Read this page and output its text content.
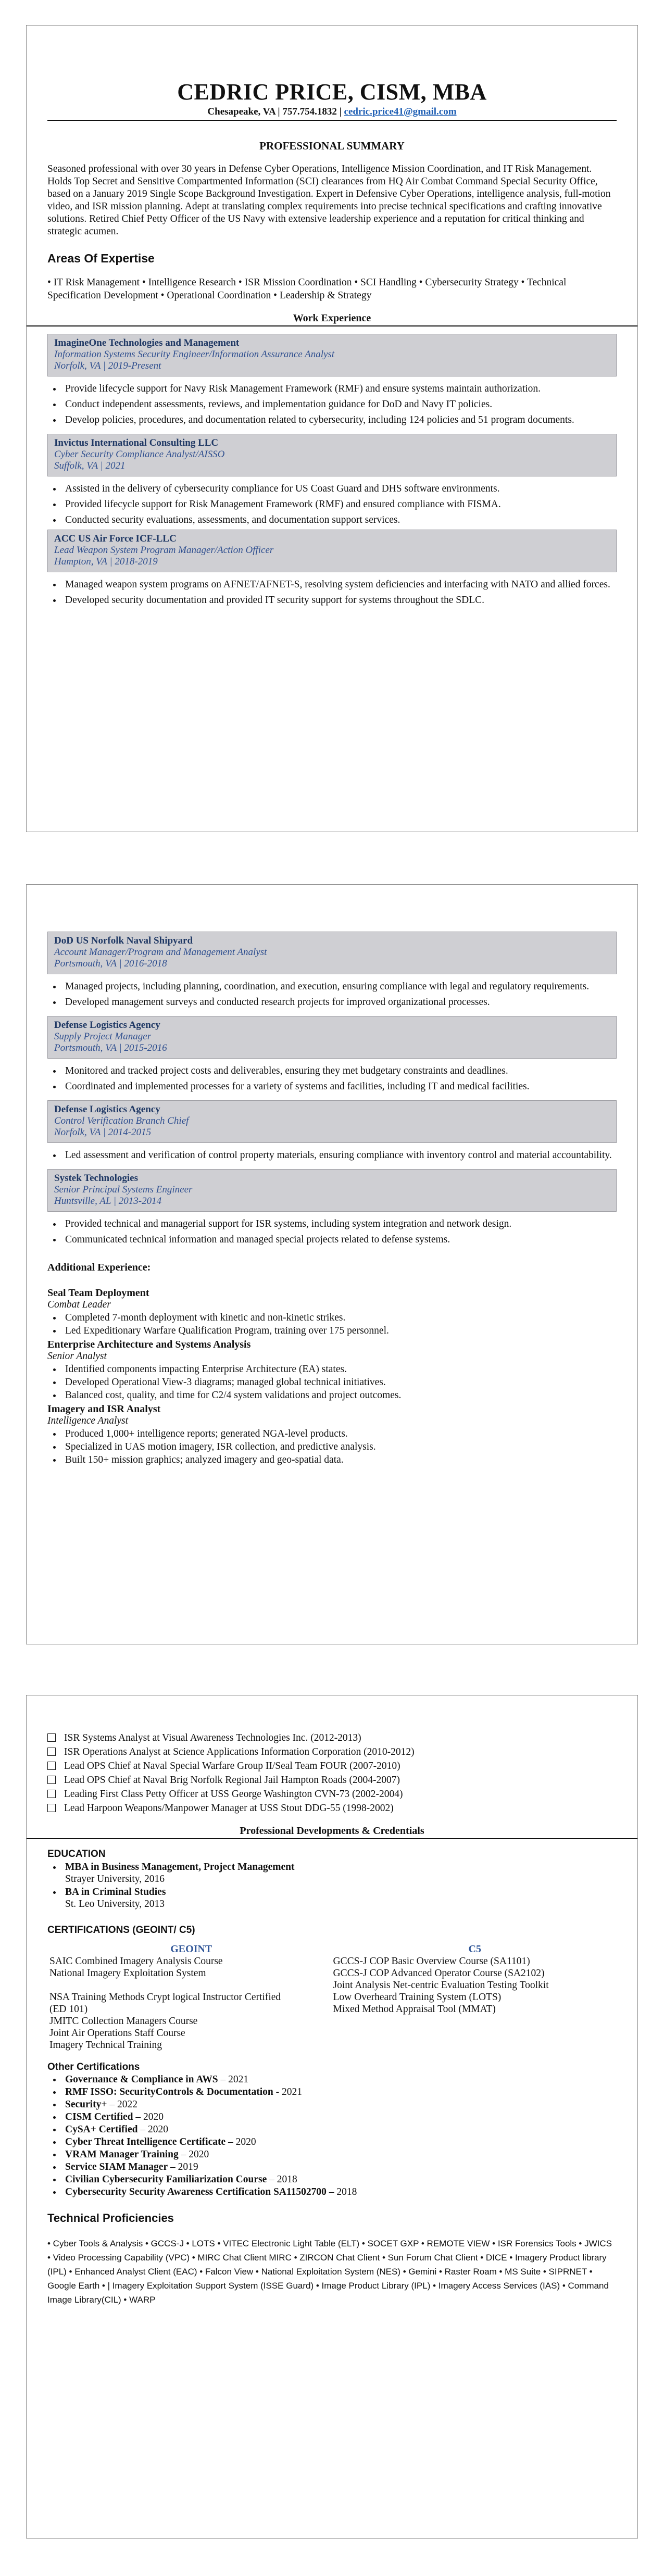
CEDRIC PRICE, CISM, MBA
Chesapeake, VA | 757.754.1832 | cedric.price41@gmail.com
PROFESSIONAL SUMMARY
Seasoned professional with over 30 years in Defense Cyber Operations, Intelligence Mission Coordination, and IT Risk Management. Holds Top Secret and Sensitive Compartmented Information (SCI) clearances from HQ Air Combat Command Special Security Office, based on a January 2019 Single Scope Background Investigation. Expert in Defensive Cyber Operations, intelligence analysis, full-motion video, and ISR mission planning. Adept at translating complex requirements into precise technical specifications and crafting innovative solutions. Retired Chief Petty Officer of the US Navy with extensive leadership experience and a reputation for critical thinking and strategic acumen.
Areas Of Expertise
• IT Risk Management • Intelligence Research • ISR Mission Coordination • SCI Handling • Cybersecurity Strategy • Technical Specification Development • Operational Coordination • Leadership & Strategy
Work Experience
ImagineOne Technologies and Management
Information Systems Security Engineer/Information Assurance Analyst
Norfolk, VA | 2019-Present
• Provide lifecycle support for Navy Risk Management Framework (RMF) and ensure systems maintain authorization.
• Conduct independent assessments, reviews, and implementation guidance for DoD and Navy IT policies.
• Develop policies, procedures, and documentation related to cybersecurity, including 124 policies and 51 program documents.
Invictus International Consulting LLC
Cyber Security Compliance Analyst/AISSO
Suffolk, VA | 2021
• Assisted in the delivery of cybersecurity compliance for US Coast Guard and DHS software environments.
• Provided lifecycle support for Risk Management Framework (RMF) and ensured compliance with FISMA.
• Conducted security evaluations, assessments, and documentation support services.
ACC US Air Force ICF-LLC
Lead Weapon System Program Manager/Action Officer
Hampton, VA | 2018-2019
• Managed weapon system programs on AFNET/AFNET-S, resolving system deficiencies and interfacing with NATO and allied forces.
• Developed security documentation and provided IT security support for systems throughout the SDLC.
DoD US Norfolk Naval Shipyard
Account Manager/Program and Management Analyst
Portsmouth, VA | 2016-2018
• Managed projects, including planning, coordination, and execution, ensuring compliance with legal and regulatory requirements.
• Developed management surveys and conducted research projects for improved organizational processes.
Defense Logistics Agency
Supply Project Manager
Portsmouth, VA | 2015-2016
• Monitored and tracked project costs and deliverables, ensuring they met budgetary constraints and deadlines.
• Coordinated and implemented processes for a variety of systems and facilities, including IT and medical facilities.
Defense Logistics Agency
Control Verification Branch Chief
Norfolk, VA | 2014-2015
• Led assessment and verification of control property materials, ensuring compliance with inventory control and material accountability.
Systek Technologies
Senior Principal Systems Engineer
Huntsville, AL | 2013-2014
• Provided technical and managerial support for ISR systems, including system integration and network design.
• Communicated technical information and managed special projects related to defense systems.
Additional Experience:
Seal Team Deployment
Combat Leader
• Completed 7-month deployment with kinetic and non-kinetic strikes.
• Led Expeditionary Warfare Qualification Program, training over 175 personnel.
Enterprise Architecture and Systems Analysis
Senior Analyst
• Identified components impacting Enterprise Architecture (EA) states.
• Developed Operational View-3 diagrams; managed global technical initiatives.
• Balanced cost, quality, and time for C2/4 system validations and project outcomes.
Imagery and ISR Analyst
Intelligence Analyst
• Produced 1,000+ intelligence reports; generated NGA-level products.
• Specialized in UAS motion imagery, ISR collection, and predictive analysis.
• Built 150+ mission graphics; analyzed imagery and geo-spatial data.
ISR Systems Analyst at Visual Awareness Technologies Inc. (2012-2013)
ISR Operations Analyst at Science Applications Information Corporation (2010-2012)
Lead OPS Chief at Naval Special Warfare Group II/Seal Team FOUR (2007-2010)
Lead OPS Chief at Naval Brig Norfolk Regional Jail Hampton Roads (2004-2007)
Leading First Class Petty Officer at USS George Washington CVN-73 (2002-2004)
Lead Harpoon Weapons/Manpower Manager at USS Stout DDG-55 (1998-2002)
Professional Developments & Credentials
EDUCATION
• MBA in Business Management, Project Management
Strayer University, 2016
• BA in Criminal Studies
St. Leo University, 2013
CERTIFICATIONS (GEOINT/ C5)
GEOINT
SAIC Combined Imagery Analysis Course
National Imagery Exploitation System
NSA Training Methods Crypt logical Instructor Certified (ED 101)
JMITC Collection Managers Course
Joint Air Operations Staff Course
Imagery Technical Training
C5
GCCS-J COP Basic Overview Course (SA1101)
GCCS-J COP Advanced Operator Course (SA2102)
Joint Analysis Net-centric Evaluation Testing Toolkit
Low Overheard Training System (LOTS)
Mixed Method Appraisal Tool (MMAT)
Other Certifications
• Governance & Compliance in AWS – 2021
• RMF ISSO: SecurityControls & Documentation - 2021
• Security+ – 2022
• CISM Certified – 2020
• CySA+ Certified – 2020
• Cyber Threat Intelligence Certificate – 2020
• VRAM Manager Training – 2020
• Service SIAM Manager – 2019
• Civilian Cybersecurity Familiarization Course – 2018
• Cybersecurity Security Awareness Certification SA11502700 – 2018
Technical Proficiencies
• Cyber Tools & Analysis • GCCS-J • LOTS • VITEC Electronic Light Table (ELT) • SOCET GXP • REMOTE VIEW • ISR Forensics Tools • JWICS • Video Processing Capability (VPC) • MIRC Chat Client MIRC • ZIRCON Chat Client • Sun Forum Chat Client • DICE • Imagery Product library (IPL) • Enhanced Analyst Client (EAC) • Falcon View • National Exploitation System (NES) • Gemini • Raster Roam • MS Suite • SIPRNET • Google Earth • | Imagery Exploitation Support System (ISSE Guard) • Image Product Library (IPL) • Imagery Access Services (IAS) • Command Image Library(CIL) • WARP
